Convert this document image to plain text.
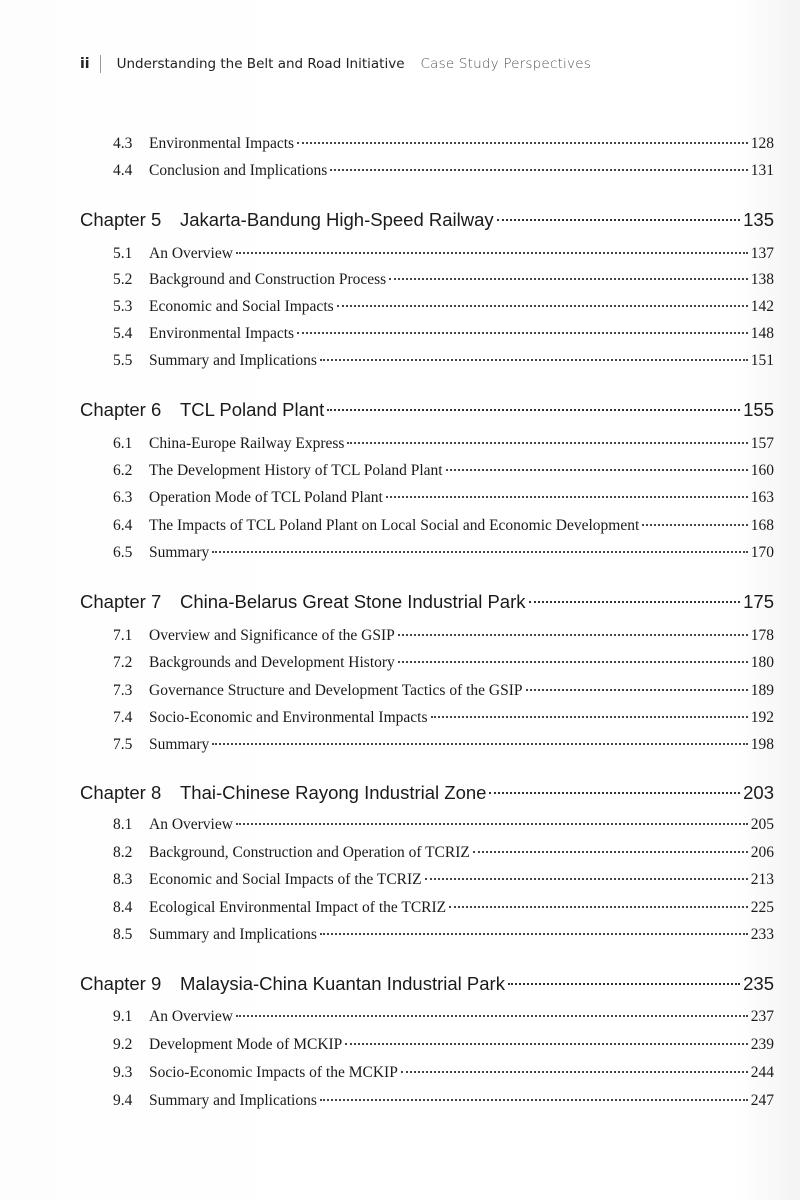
ii Understanding the Belt and Road Initiative Case Study Perspectives
4.3	Environmental Impacts	128
4.4	Conclusion and Implications	131
Chapter 5	Jakarta-Bandung High-Speed Railway	135
5.1	An Overview	137
5.2	Background and Construction Process	138
5.3	Economic and Social Impacts	142
5.4	Environmental Impacts	148
5.5	Summary and Implications	151
Chapter 6	TCL Poland Plant	155
6.1	China-Europe Railway Express	157
6.2	The Development History of TCL Poland Plant	160
6.3	Operation Mode of TCL Poland Plant	163
6.4	The Impacts of TCL Poland Plant on Local Social and Economic Development	168
6.5	Summary	170
Chapter 7	China-Belarus Great Stone Industrial Park	175
7.1	Overview and Significance of the GSIP	178
7.2	Backgrounds and Development History	180
7.3	Governance Structure and Development Tactics of the GSIP	189
7.4	Socio-Economic and Environmental Impacts	192
7.5	Summary	198
Chapter 8	Thai-Chinese Rayong Industrial Zone	203
8.1	An Overview	205
8.2	Background, Construction and Operation of TCRIZ	206
8.3	Economic and Social Impacts of the TCRIZ	213
8.4	Ecological Environmental Impact of the TCRIZ	225
8.5	Summary and Implications	233
Chapter 9	Malaysia-China Kuantan Industrial Park	235
9.1	An Overview	237
9.2	Development Mode of MCKIP	239
9.3	Socio-Economic Impacts of the MCKIP	244
9.4	Summary and Implications	247
